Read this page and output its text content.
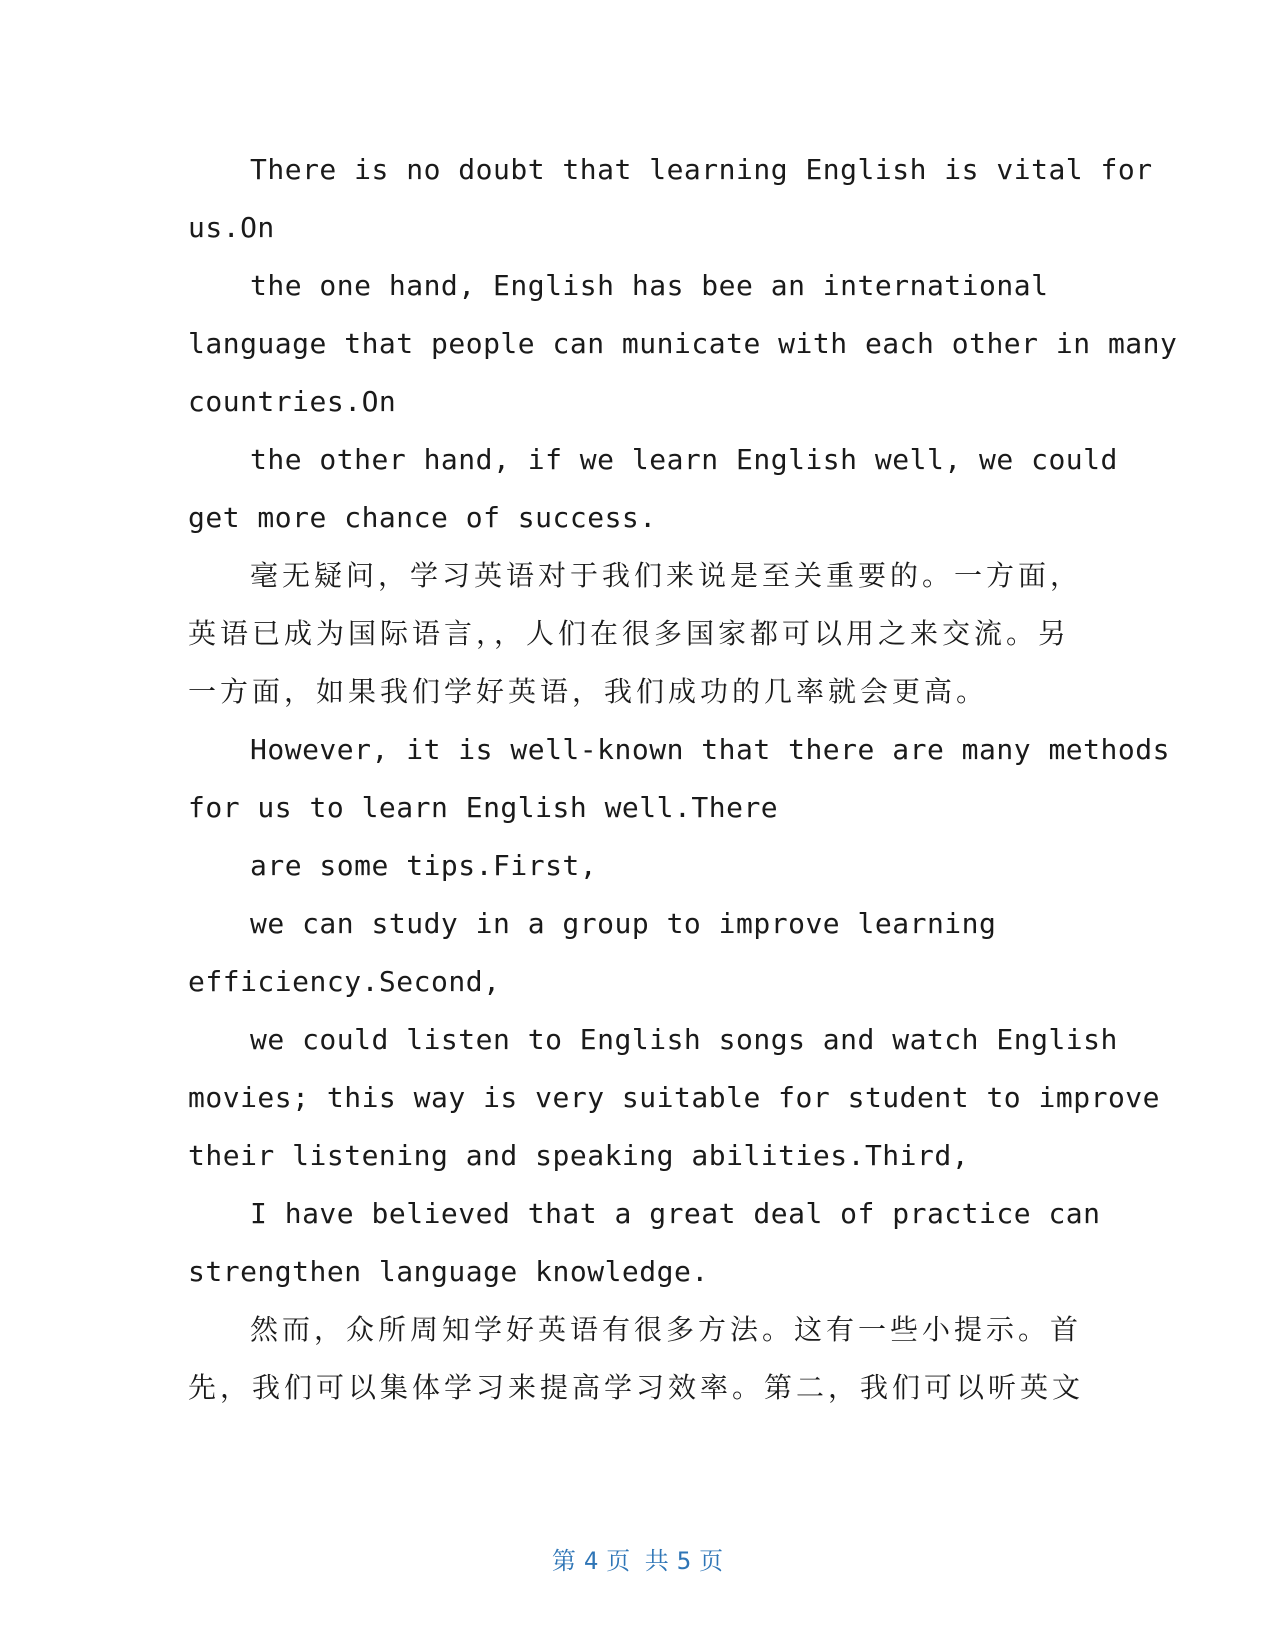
There is no doubt that learning English is vital for
us.On
the one hand, English has bee an international
language that people can municate with each other in many
countries.On
the other hand, if we learn English well, we could
get more chance of success.
毫无疑问，学习英语对于我们来说是至关重要的。一方面，
英语已成为国际语言，，人们在很多国家都可以用之来交流。另
一方面，如果我们学好英语，我们成功的几率就会更高。
However, it is well-known that there are many methods
for us to learn English well.There
are some tips.First,
we can study in a group to improve learning
efficiency.Second,
we could listen to English songs and watch English
movies; this way is very suitable for student to improve
their listening and speaking abilities.Third,
I have believed that a great deal of practice can
strengthen language knowledge.
然而，众所周知学好英语有很多方法。这有一些小提示。首
先，我们可以集体学习来提高学习效率。第二，我们可以听英文
第 4 页 共 5 页
